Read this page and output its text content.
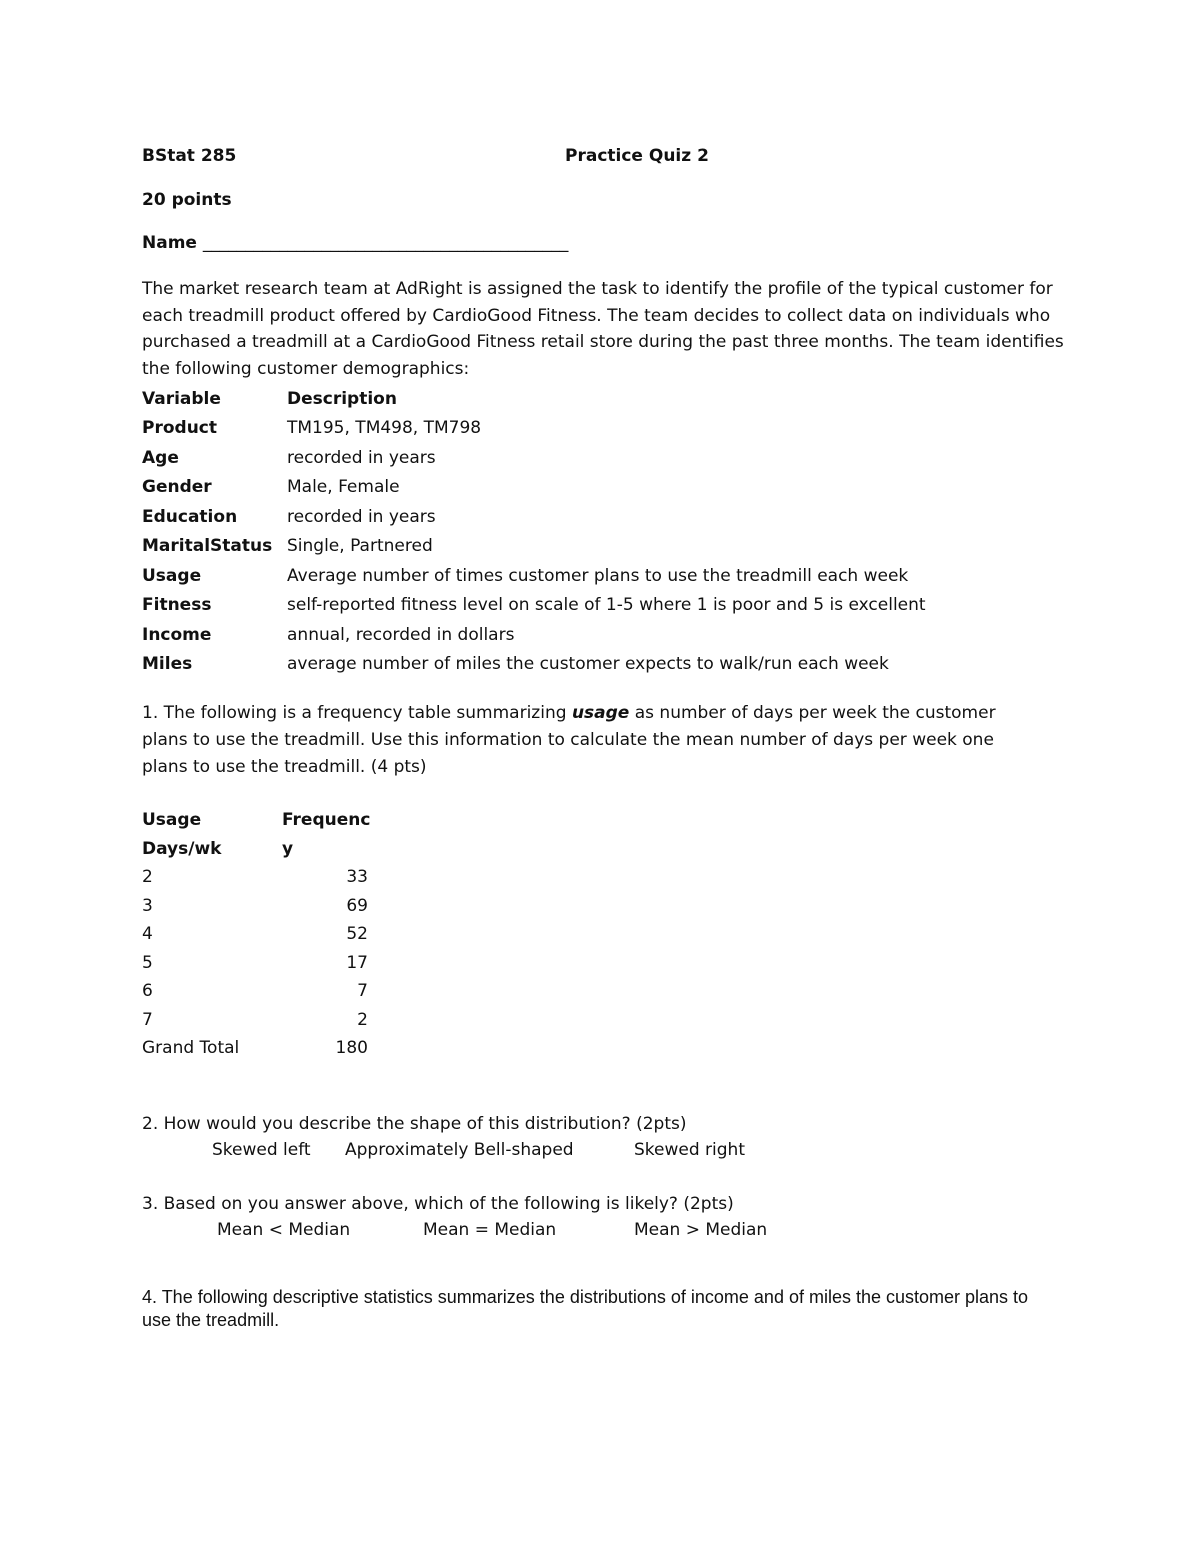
BStat 285	Practice Quiz 2
20 points
Name ___________________________________________
The market research team at AdRight is assigned the task to identify the profile of the typical customer for each treadmill product offered by CardioGood Fitness. The team decides to collect data on individuals who purchased a treadmill at a CardioGood Fitness retail store during the past three months. The team identifies the following customer demographics:
Variable	Description
Product	TM195, TM498, TM798
Age	recorded in years
Gender	Male, Female
Education	recorded in years
MaritalStatus Single, Partnered
Usage	Average number of times customer plans to use the treadmill each week
Fitness	self-reported fitness level on scale of 1-5 where 1 is poor and 5 is excellent
Income	annual, recorded in dollars
Miles	average number of miles the customer expects to walk/run each week
1. The following is a frequency table summarizing usage as number of days per week the customer plans to use the treadmill. Use this information to calculate the mean number of days per week one plans to use the treadmill. (4 pts)
Usage	Frequenc
Days/wk	y
2	33
3	69
4	52
5	17
6	7
7	2
Grand Total	180
2. How would you describe the shape of this distribution? (2pts)
Skewed left Approximately Bell-shaped	Skewed right
3. Based on you answer above, which of the following is likely? (2pts)
Mean < Median	Mean = Median	Mean > Median
4. The following descriptive statistics summarizes the distributions of income and of miles the customer plans to use the treadmill.
